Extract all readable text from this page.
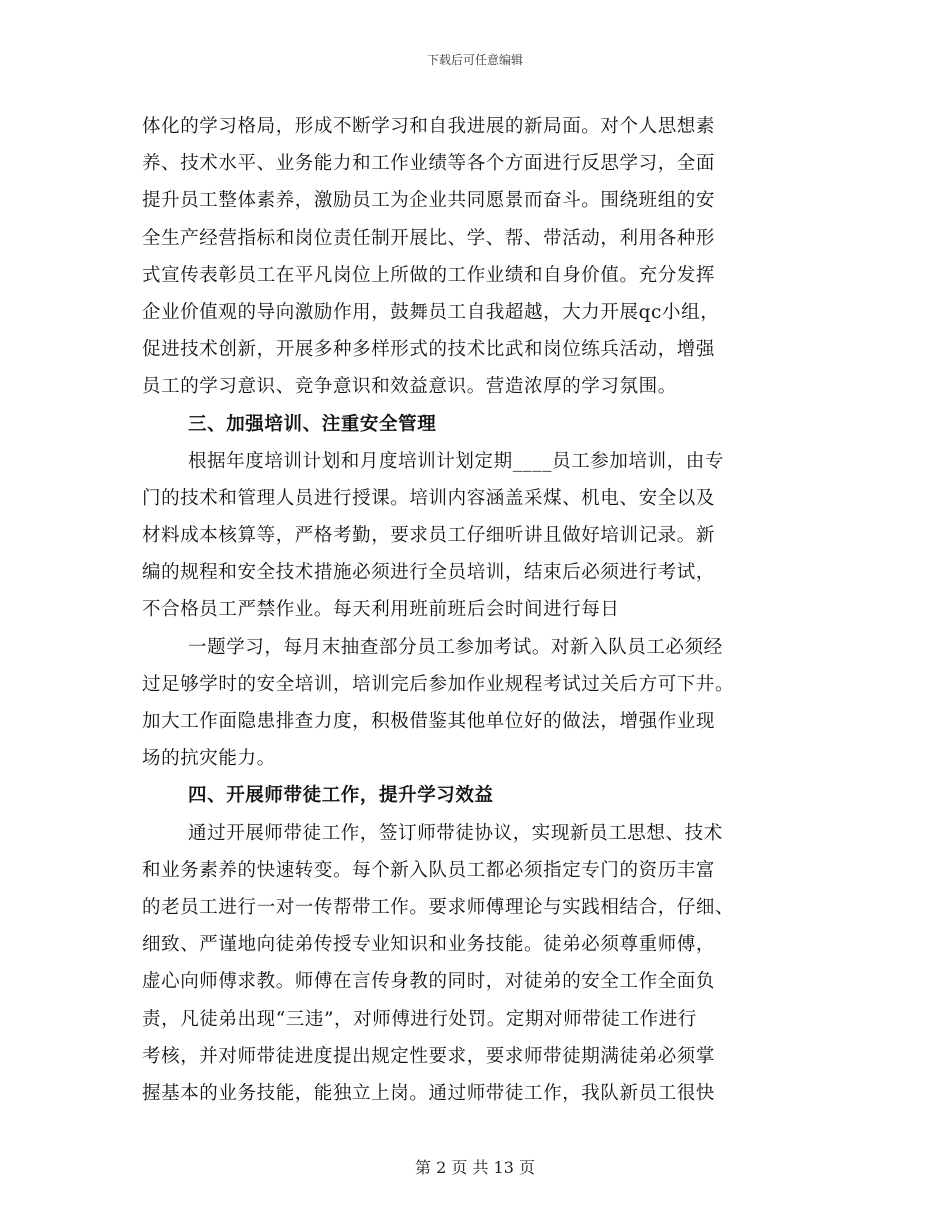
下载后可任意编辑
体化的学习格局，形成不断学习和自我进展的新局面。对个人思想素
养、技术水平、业务能力和工作业绩等各个方面进行反思学习，全面
提升员工整体素养，激励员工为企业共同愿景而奋斗。围绕班组的安
全生产经营指标和岗位责任制开展比、学、帮、带活动，利用各种形
式宣传表彰员工在平凡岗位上所做的工作业绩和自身价值。充分发挥
企业价值观的导向激励作用，鼓舞员工自我超越，大力开展qc小组，
促进技术创新，开展多种多样形式的技术比武和岗位练兵活动，增强
员工的学习意识、竞争意识和效益意识。营造浓厚的学习氛围。
三、加强培训、注重安全管理
根据年度培训计划和月度培训计划定期____员工参加培训，由专
门的技术和管理人员进行授课。培训内容涵盖采煤、机电、安全以及
材料成本核算等，严格考勤，要求员工仔细听讲且做好培训记录。新
编的规程和安全技术措施必须进行全员培训，结束后必须进行考试，
不合格员工严禁作业。每天利用班前班后会时间进行每日
一题学习，每月末抽查部分员工参加考试。对新入队员工必须经
过足够学时的安全培训，培训完后参加作业规程考试过关后方可下井。
加大工作面隐患排查力度，积极借鉴其他单位好的做法，增强作业现
场的抗灾能力。
四、开展师带徒工作，提升学习效益
通过开展师带徒工作，签订师带徒协议，实现新员工思想、技术
和业务素养的快速转变。每个新入队员工都必须指定专门的资历丰富
的老员工进行一对一传帮带工作。要求师傅理论与实践相结合，仔细、
细致、严谨地向徒弟传授专业知识和业务技能。徒弟必须尊重师傅，
虚心向师傅求教。师傅在言传身教的同时，对徒弟的安全工作全面负
责，凡徒弟出现“三违”，对师傅进行处罚。定期对师带徒工作进行
考核，并对师带徒进度提出规定性要求，要求师带徒期满徒弟必须掌
握基本的业务技能，能独立上岗。通过师带徒工作，我队新员工很快
第 2 页 共 13 页
